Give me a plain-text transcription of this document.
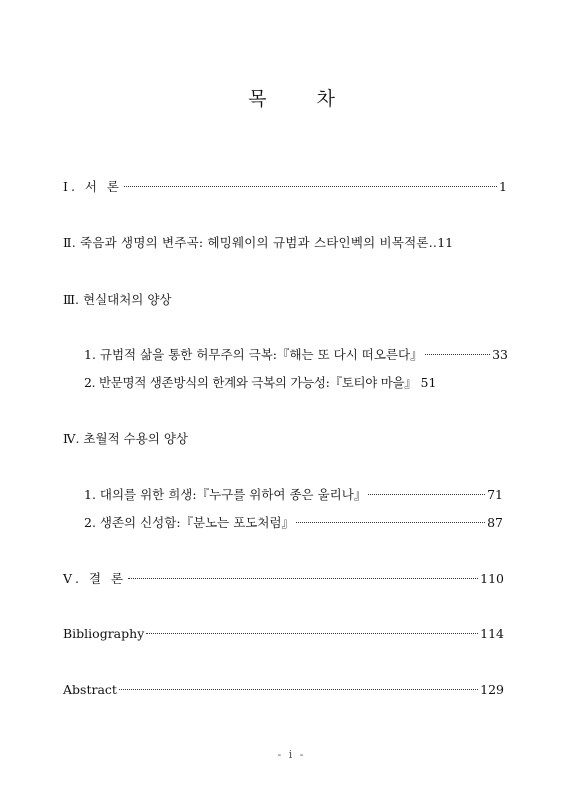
목 차
Ⅰ. 서 론	1
Ⅱ. 죽음과 생명의 변주곡: 헤밍웨이의 규범과 스타인벡의 비목적론‥ 11
Ⅲ. 현실대처의 양상
1. 규범적 삶을 통한 허무주의 극복:『해는 또 다시 떠오른다』	33
2. 반문명적 생존방식의 한계와 극복의 가능성:『토티야 마을』 51
Ⅳ. 초월적 수용의 양상
1. 대의를 위한 희생:『누구를 위하여 종은 울리나』	71
2. 생존의 신성함:『분노는 포도처럼』	87
Ⅴ. 결 론	110
Bibliography	114
Abstract	129
- i -
